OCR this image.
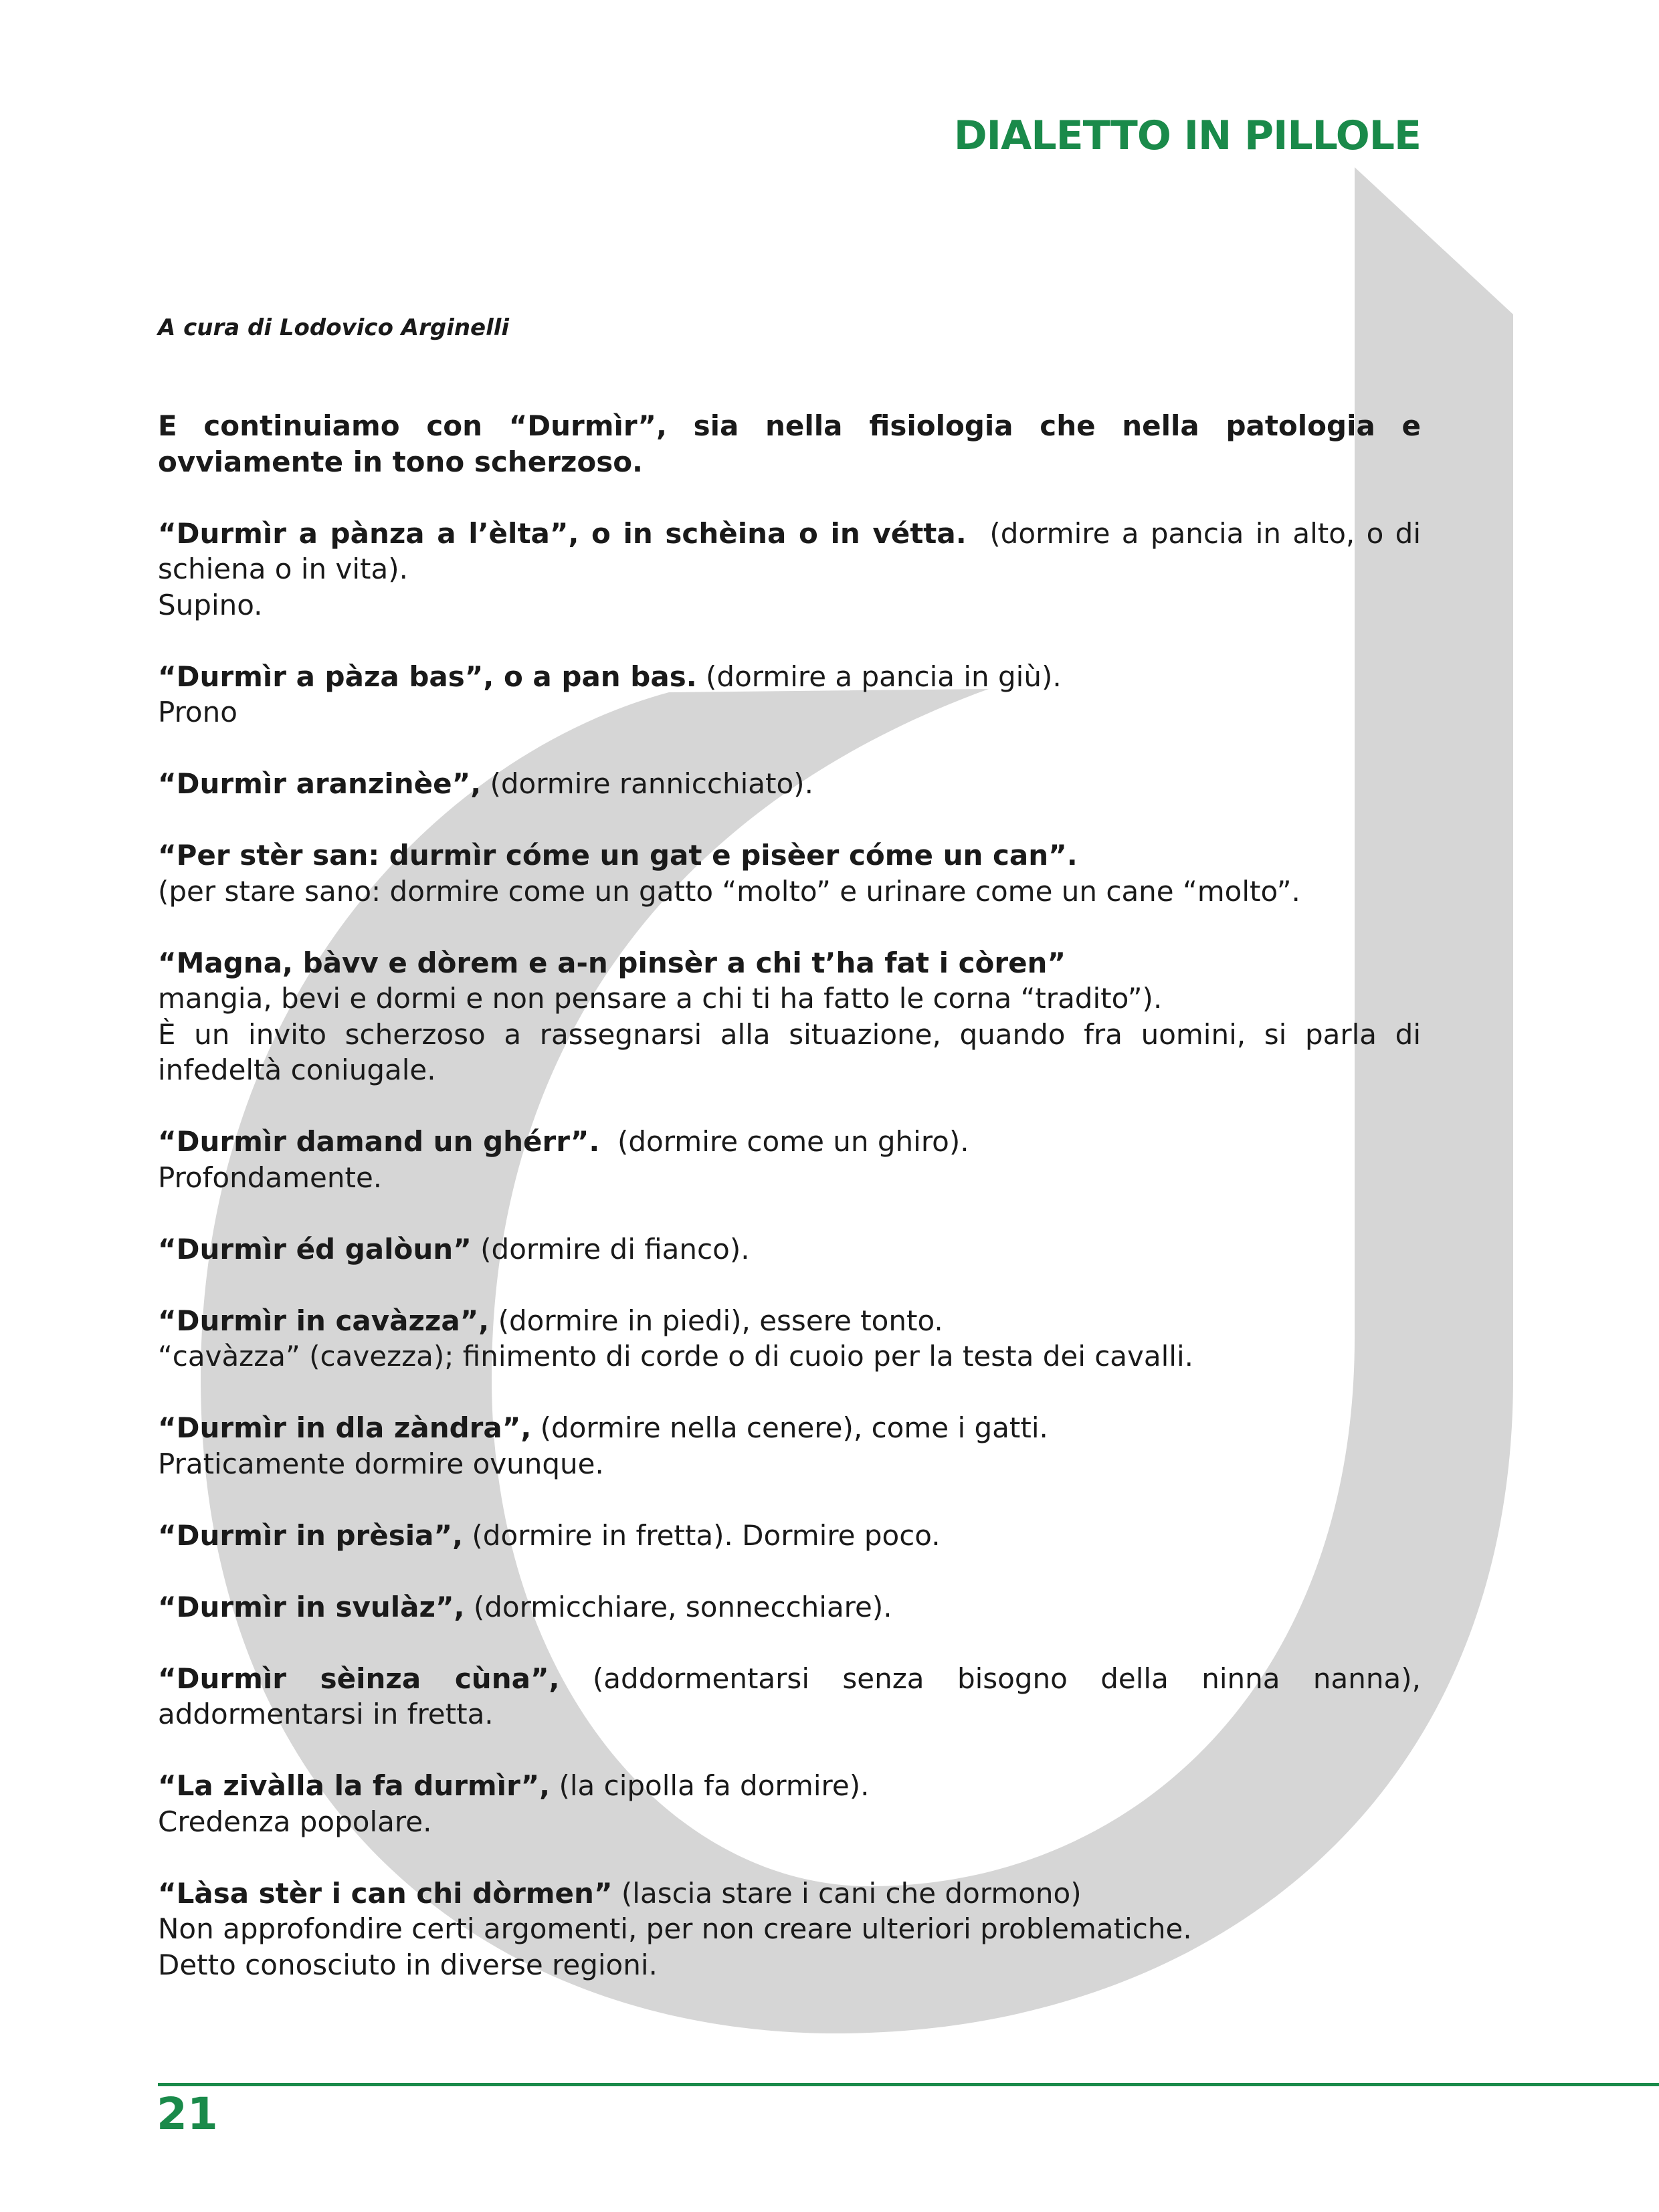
DIALETTO IN PILLOLE
A cura di Lodovico Arginelli

E continuiamo con “Durmìr”, sia nella fisiologia che nella patologia e ovviamente in tono scherzoso.

“Durmìr a pànza a l’èlta”, o in schèina o in vétta.  (dormire a pancia in alto, o di schiena o in vita).

Supino.

“Durmìr a pàza bas”, o a pan bas. (dormire a pancia in giù).

Prono

“Durmìr aranzinèe”, (dormire rannicchiato).

“Per stèr san: durmìr cóme un gat e pisèer cóme un can”.

(per stare sano: dormire come un gatto “molto” e urinare come un cane “molto”.

“Magna, bàvv e dòrem e a-n pinsèr a chi t’ha fat i còren”

mangia, bevi e dormi e non pensare a chi ti ha fatto le corna “tradito”).

È un invito scherzoso a rassegnarsi alla situazione, quando fra uomini, si parla di infedeltà coniugale.

“Durmìr damand un ghérr”.  (dormire come un ghiro).

Profondamente.

“Durmìr éd galòun” (dormire di fianco).

“Durmìr in cavàzza”, (dormire in piedi), essere tonto.

“cavàzza” (cavezza); finimento di corde o di cuoio per la testa dei cavalli.

“Durmìr in dla zàndra”, (dormire nella cenere), come i gatti.

Praticamente dormire ovunque.

“Durmìr in prèsia”, (dormire in fretta). Dormire poco.

“Durmìr in svulàz”, (dormicchiare, sonnecchiare).

“Durmìr sèinza cùna”, (addormentarsi senza bisogno della ninna nanna), addormentarsi in fretta.

“La zivàlla la fa durmìr”, (la cipolla fa dormire).

Credenza popolare.

“Làsa stèr i can chi dòrmen” (lascia stare i cani che dormono)

Non approfondire certi argomenti, per non creare ulteriori problematiche.

Detto conosciuto in diverse regioni.

21
